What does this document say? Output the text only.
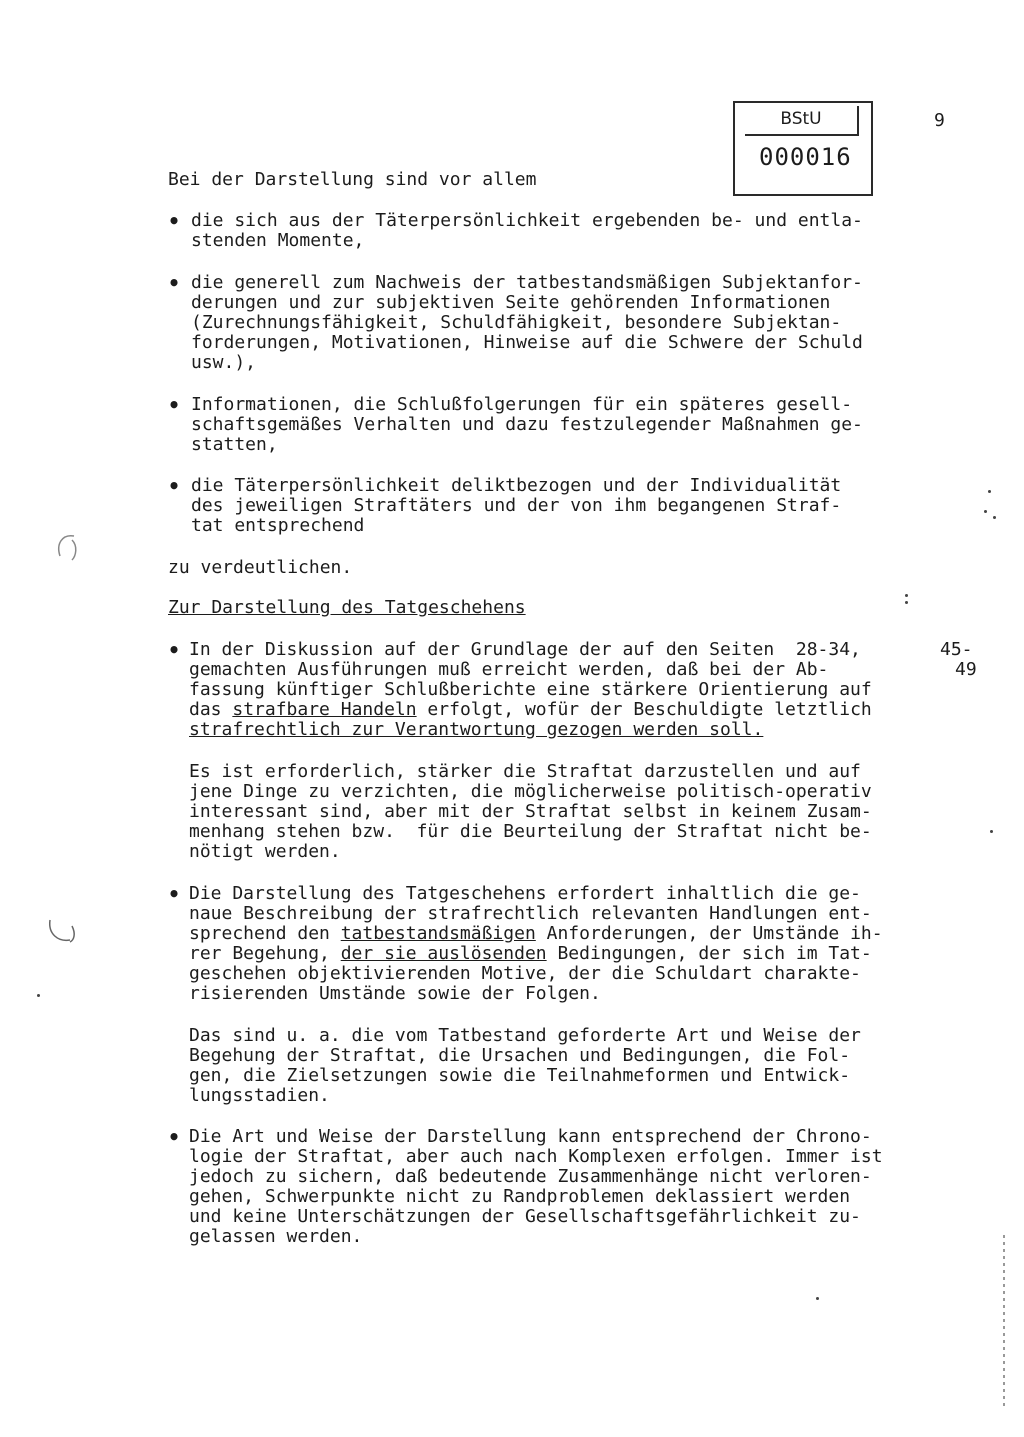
BStU
000016
9
Bei der Darstellung sind vor allem
• die sich aus der Täterpersönlichkeit ergebenden be- und entla-
stenden Momente,
• die generell zum Nachweis der tatbestandsmäßigen Subjektanfor-
derungen und zur subjektiven Seite gehörenden Informationen
(Zurechnungsfähigkeit, Schuldfähigkeit, besondere Subjektan-
forderungen, Motivationen, Hinweise auf die Schwere der Schuld
usw.),
• Informationen, die Schlußfolgerungen für ein späteres gesell-
schaftsgemäßes Verhalten und dazu festzulegender Maßnahmen ge-
statten,
• die Täterpersönlichkeit deliktbezogen und der Individualität
des jeweiligen Straftäters und der von ihm begangenen Straf-
tat entsprechend
zu verdeutlichen.
Zur Darstellung des Tatgeschehens
• In der Diskussion auf der Grundlage der auf den Seiten  28-34,	45-
gemachten Ausführungen muß erreicht werden, daß bei der Ab-	49
fassung künftiger Schlußberichte eine stärkere Orientierung auf
das strafbare Handeln erfolgt, wofür der Beschuldigte letztlich
strafrechtlich zur Verantwortung gezogen werden soll.
Es ist erforderlich, stärker die Straftat darzustellen und auf
jene Dinge zu verzichten, die möglicherweise politisch-operativ
interessant sind, aber mit der Straftat selbst in keinem Zusam-
menhang stehen bzw.  für die Beurteilung der Straftat nicht be-
nötigt werden.
• Die Darstellung des Tatgeschehens erfordert inhaltlich die ge-
naue Beschreibung der strafrechtlich relevanten Handlungen ent-
sprechend den tatbestandsmäßigen Anforderungen, der Umstände ih-
rer Begehung, der sie auslösenden Bedingungen, der sich im Tat-
geschehen objektivierenden Motive, der die Schuldart charakte-
risierenden Umstände sowie der Folgen.
Das sind u. a. die vom Tatbestand geforderte Art und Weise der
Begehung der Straftat, die Ursachen und Bedingungen, die Fol-
gen, die Zielsetzungen sowie die Teilnahmeformen und Entwick-
lungsstadien.
• Die Art und Weise der Darstellung kann entsprechend der Chrono-
logie der Straftat, aber auch nach Komplexen erfolgen. Immer ist
jedoch zu sichern, daß bedeutende Zusammenhänge nicht verloren-
gehen, Schwerpunkte nicht zu Randproblemen deklassiert werden
und keine Unterschätzungen der Gesellschaftsgefährlichkeit zu-
gelassen werden.
